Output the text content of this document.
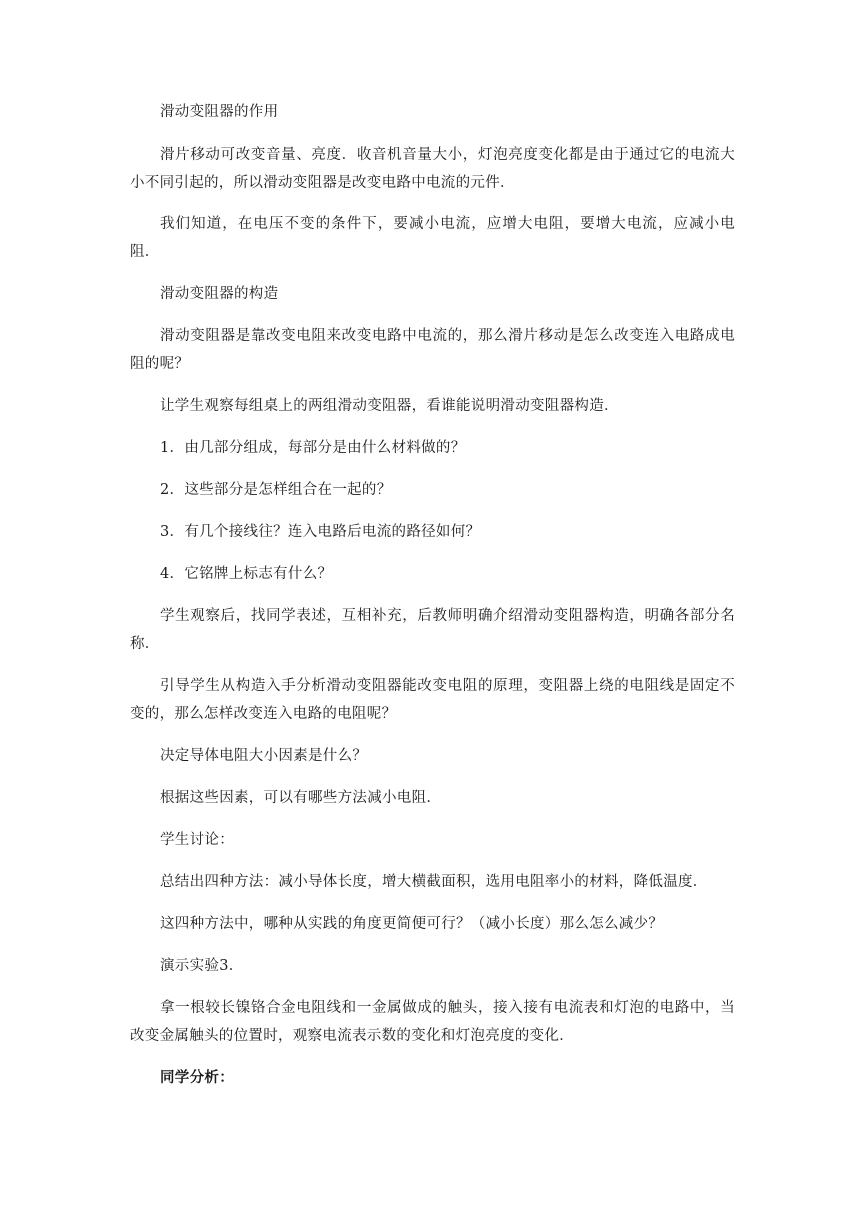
滑动变阻器的作用

滑片移动可改变音量、亮度．收音机音量大小，灯泡亮度变化都是由于通过它的电流大小不同引起的，所以滑动变阻器是改变电路中电流的元件．

我们知道，在电压不变的条件下，要减小电流，应增大电阻，要增大电流，应减小电阻．

滑动变阻器的构造

滑动变阻器是靠改变电阻来改变电路中电流的，那么滑片移动是怎么改变连入电路成电阻的呢？

让学生观察每组桌上的两组滑动变阻器，看谁能说明滑动变阻器构造．

1．由几部分组成，每部分是由什么材料做的？

2．这些部分是怎样组合在一起的？

3．有几个接线往？连入电路后电流的路径如何？

4．它铭牌上标志有什么？

学生观察后，找同学表述，互相补充，后教师明确介绍滑动变阻器构造，明确各部分名称．

引导学生从构造入手分析滑动变阻器能改变电阻的原理，变阻器上绕的电阻线是固定不变的，那么怎样改变连入电路的电阻呢？

决定导体电阻大小因素是什么？

根据这些因素，可以有哪些方法减小电阻．

学生讨论：

总结出四种方法：减小导体长度，增大横截面积，选用电阻率小的材料，降低温度．

这四种方法中，哪种从实践的角度更简便可行？（减小长度）那么怎么减少？

演示实验3．

拿一根较长镍铬合金电阻线和一金属做成的触头，接入接有电流表和灯泡的电路中，当改变金属触头的位置时，观察电流表示数的变化和灯泡亮度的变化．

同学分析：
